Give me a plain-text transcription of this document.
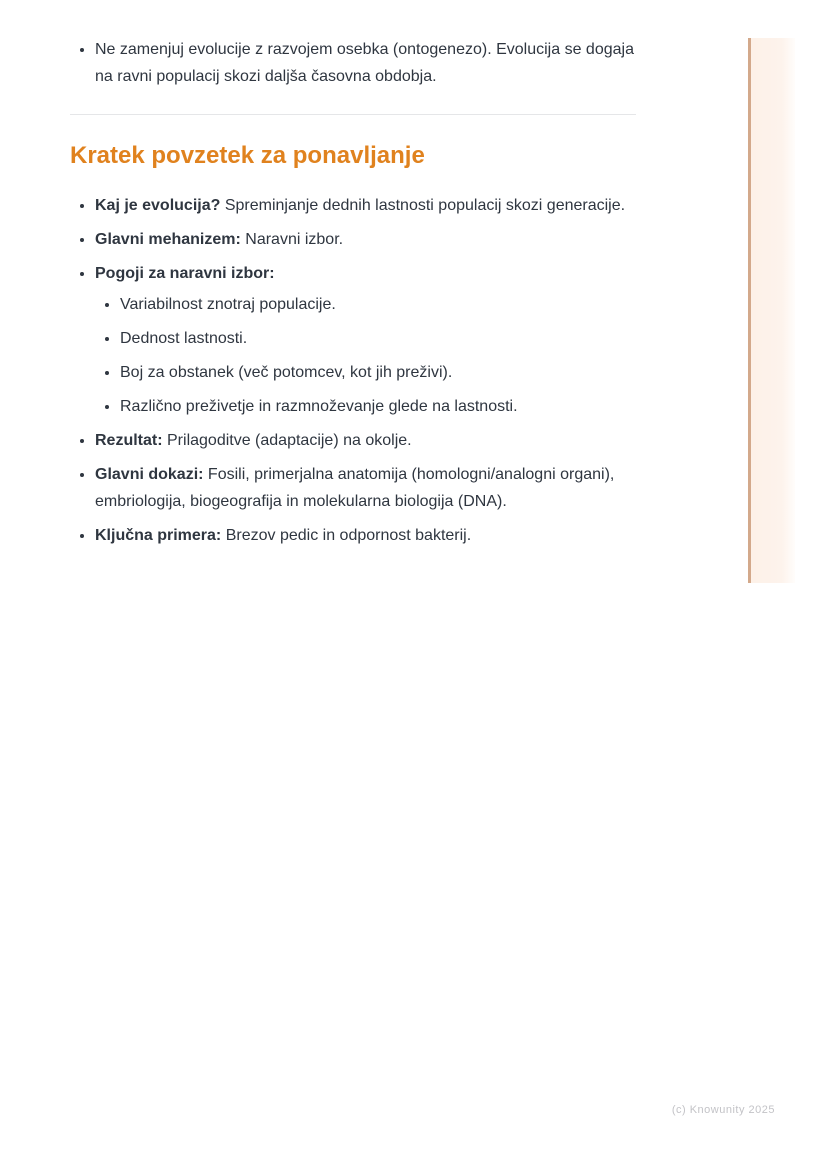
• Ne zamenjuj evolucije z razvojem osebka (ontogenezo). Evolucija se dogaja na ravni populacij skozi daljša časovna obdobja.
Kratek povzetek za ponavljanje
• Kaj je evolucija? Spreminjanje dednih lastnosti populacij skozi generacije.
• Glavni mehanizem: Naravni izbor.
• Pogoji za naravni izbor:
• Variabilnost znotraj populacije.
• Dednost lastnosti.
• Boj za obstanek (več potomcev, kot jih preživi).
• Različno preživetje in razmnoževanje glede na lastnosti.
• Rezultat: Prilagoditve (adaptacije) na okolje.
• Glavni dokazi: Fosili, primerjalna anatomija (homologni/analogni organi), embriologija, biogeografija in molekularna biologija (DNA).
• Ključna primera: Brezov pedic in odpornost bakterij.
(c) Knowunity 2025
